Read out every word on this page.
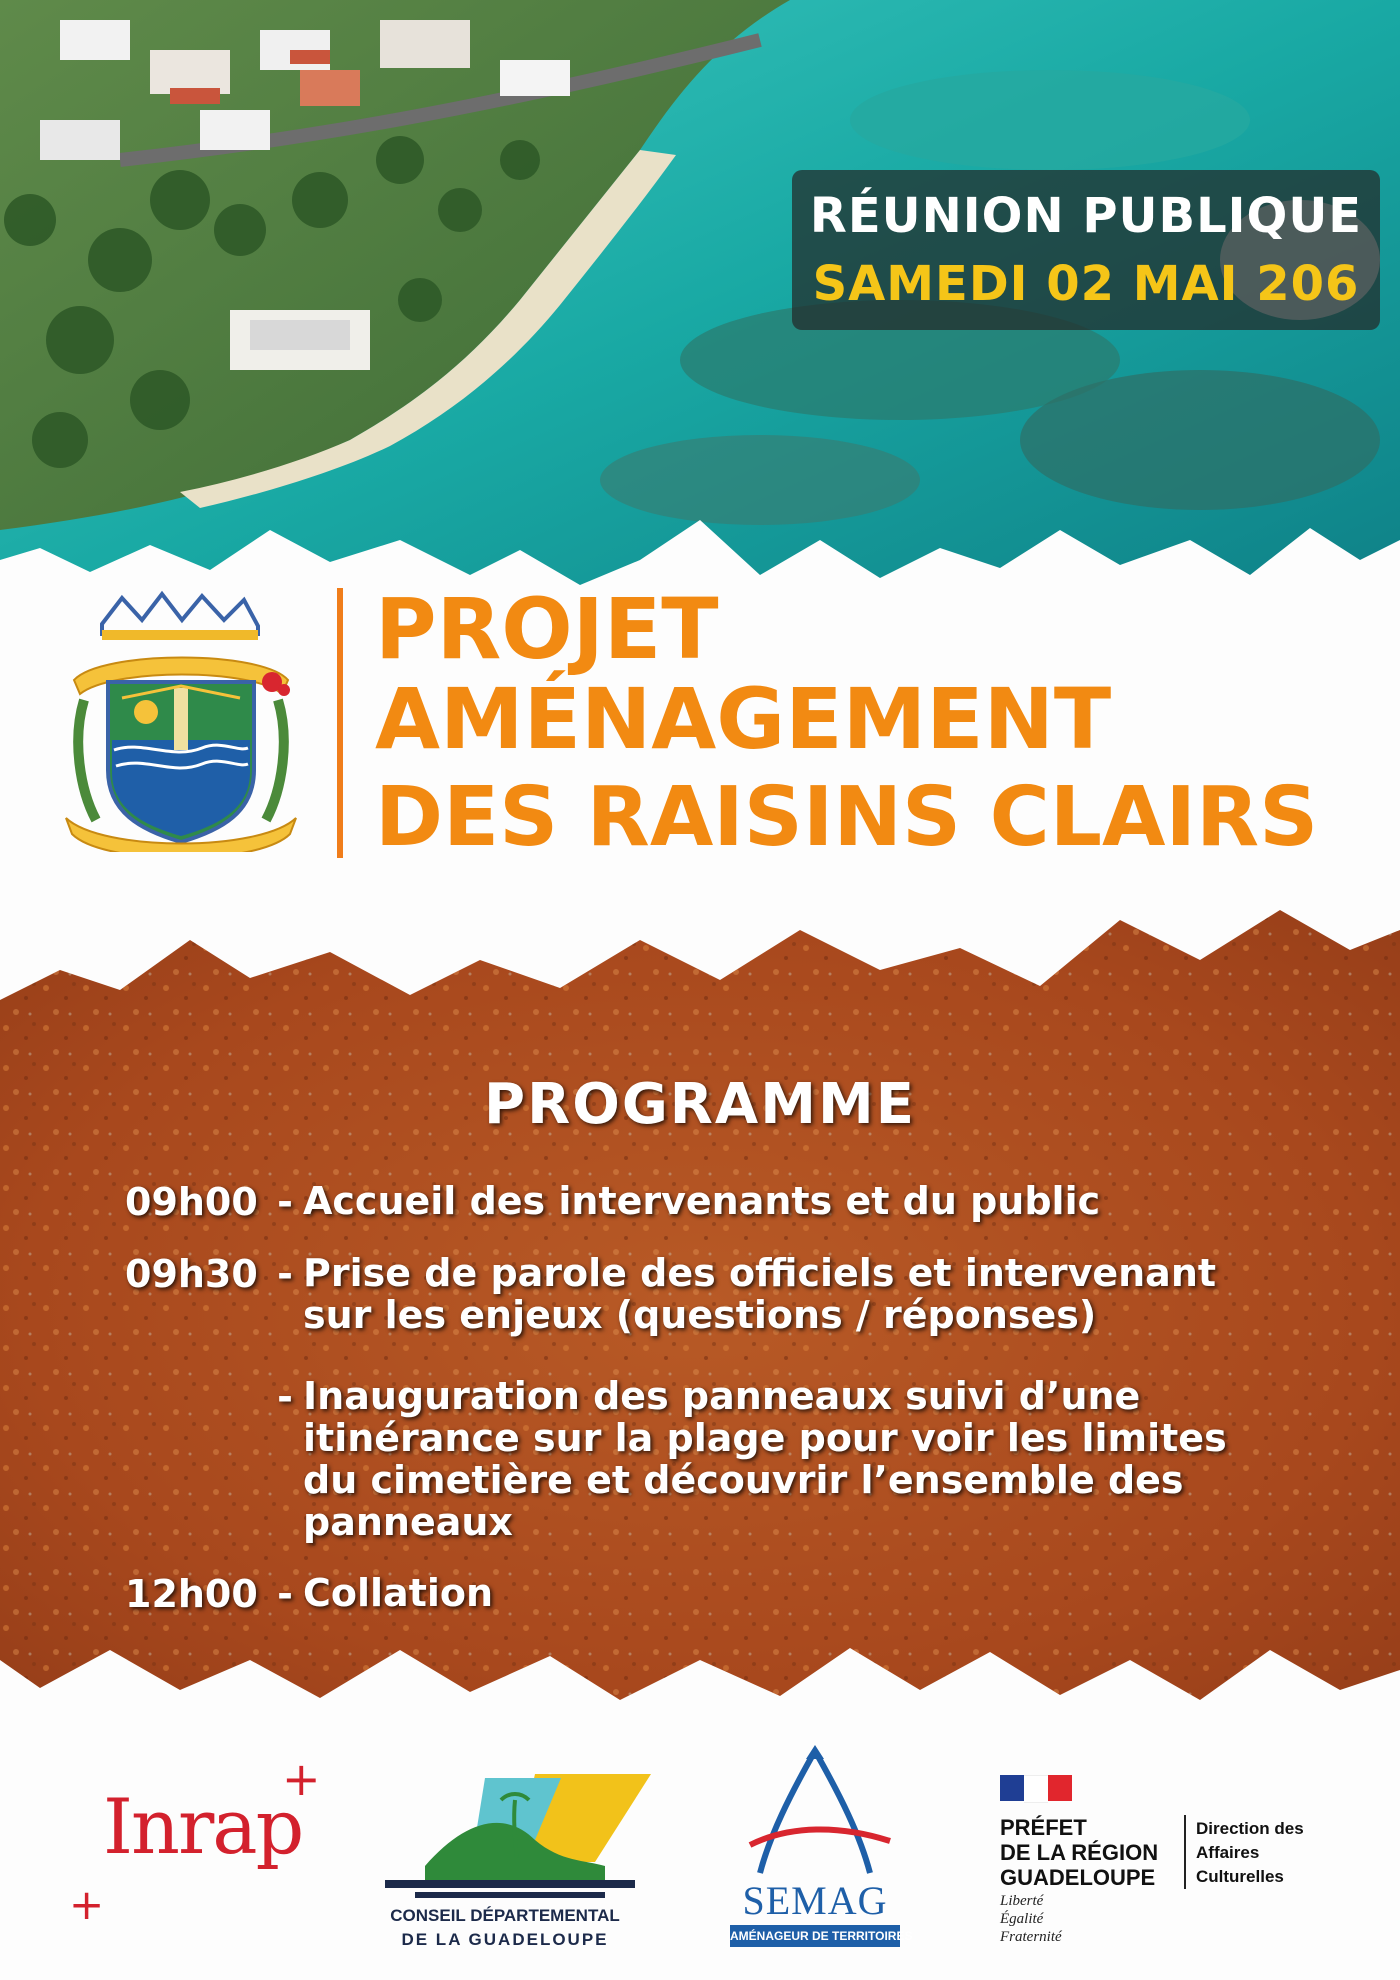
RÉUNION PUBLIQUE
SAMEDI 02 MAI 206
PROJET
AMÉNAGEMENT
DES RAISINS CLAIRS
PROGRAMME
09h00 - Accueil des intervenants et du public
09h30 - Prise de parole des officiels et intervenant
sur les enjeux (questions / réponses)
- Inauguration des panneaux suivi d’une
itinérance sur la plage pour voir les limites
du cimetière et découvrir l’ensemble des
panneaux
12h00 - Collation
Inrap
+
+	CONSEIL DÉPARTEMENTAL
DE LA GUADELOUPE
SEMAG
AMÉNAGEUR DE TERRITOIRES
PRÉFET
DE LA RÉGION
GUADELOUPE
Liberté
Égalité
Fraternité
Direction des
Affaires
Culturelles
